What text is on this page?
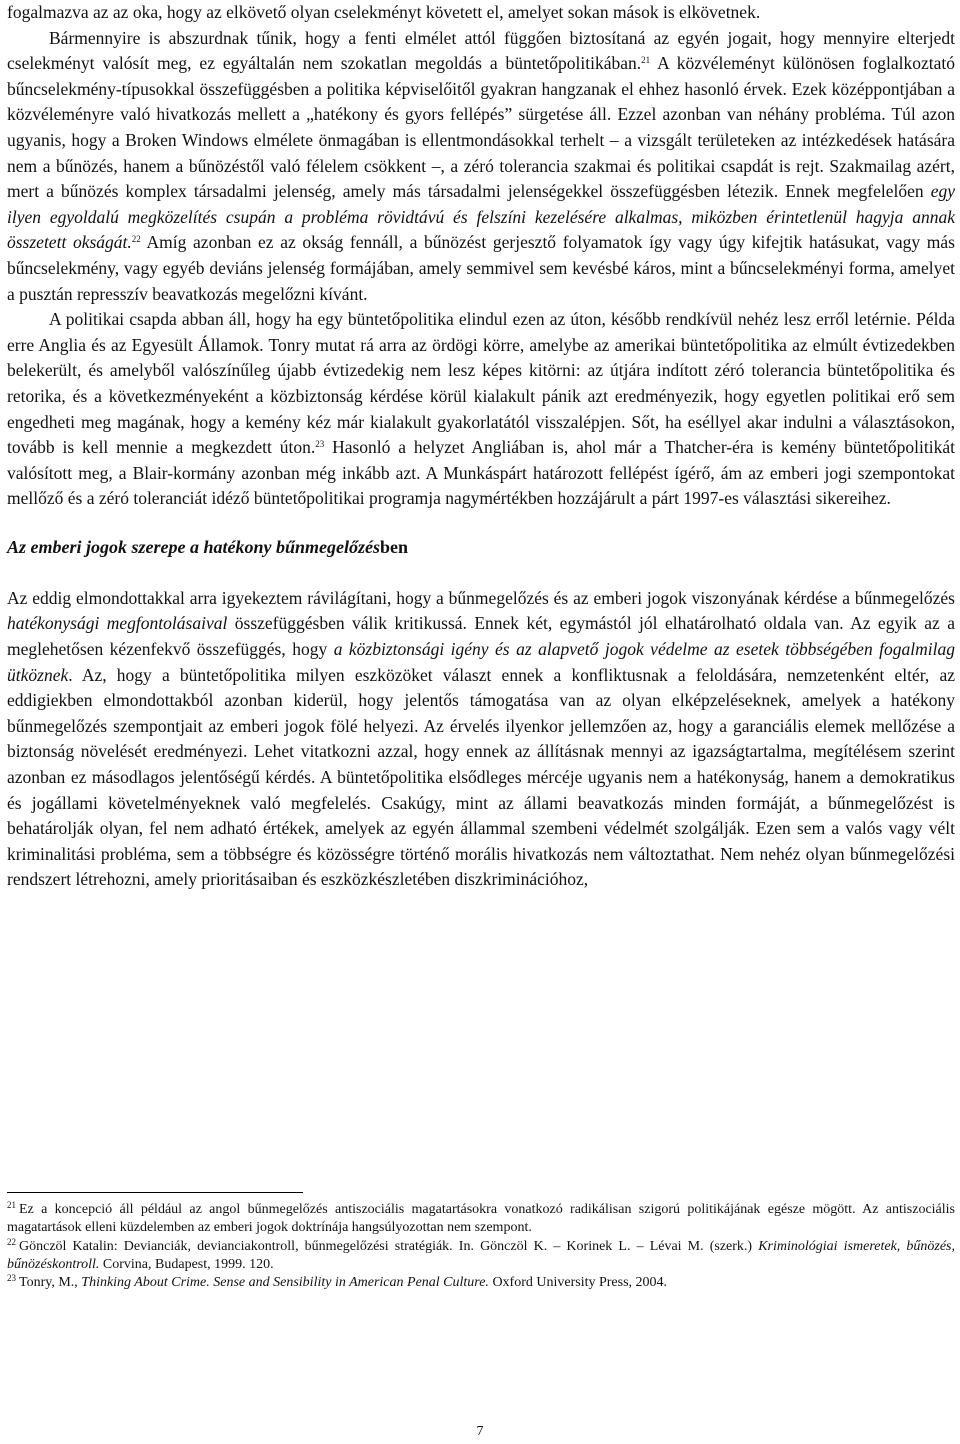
fogalmazva az az oka, hogy az elkövető olyan cselekményt követett el, amelyet sokan mások is elkövetnek.

Bármennyire is abszurdnak tűnik, hogy a fenti elmélet attól függően biztosítaná az egyén jogait, hogy mennyire elterjedt cselekményt valósít meg, ez egyáltalán nem szokatlan megoldás a büntetőpolitikában.$^{21}$ A közvéleményt különösen foglalkoztató bűncselekmény-típusokkal összefüggésben a politika képviselőitől gyakran hangzanak el ehhez hasonló érvek. Ezek középpontjában a közvéleményre való hivatkozás mellett a „hatékony és gyors fellépés” sürgetése áll. Ezzel azonban van néhány probléma. Túl azon ugyanis, hogy a Broken Windows elmélete önmagában is ellentmondásokkal terhelt – a vizsgált területeken az intézkedések hatására nem a bűnözés, hanem a bűnözéstől való félelem csökkent –, a zéró tolerancia szakmai és politikai csapdát is rejt. Szakmailag azért, mert a bűnözés komplex társadalmi jelenség, amely más társadalmi jelenségekkel összefüggésben létezik. Ennek megfelelően egy ilyen egyoldalú megközelítés csupán a probléma rövidtávú és felszíni kezelésére alkalmas, miközben érintetlenül hagyja annak összetett okságát.$^{22}$ Amíg azonban ez az okság fennáll, a bűnözést gerjesztő folyamatok így vagy úgy kifejtik hatásukat, vagy más bűncselekmény, vagy egyéb deviáns jelenség formájában, amely semmivel sem kevésbé káros, mint a bűncselekményi forma, amelyet a pusztán represszív beavatkozás megelőzni kívánt.

A politikai csapda abban áll, hogy ha egy büntetőpolitika elindul ezen az úton, később rendkívül nehéz lesz erről letérnie. Példa erre Anglia és az Egyesült Államok. Tonry mutat rá arra az ördögi körre, amelybe az amerikai büntetőpolitika az elmúlt évtizedekben belekerült, és amelyből valószínűleg újabb évtizedekig nem lesz képes kitörni: az útjára indított zéró tolerancia büntetőpolitika és retorika, és a következményeként a közbiztonság kérdése körül kialakult pánik azt eredményezik, hogy egyetlen politikai erő sem engedheti meg magának, hogy a kemény kéz már kialakult gyakorlatától visszalépjen. Sőt, ha eséllyel akar indulni a választásokon, tovább is kell mennie a megkezdett úton.$^{23}$ Hasonló a helyzet Angliában is, ahol már a Thatcher-éra is kemény büntetőpolitikát valósított meg, a Blair-kormány azonban még inkább azt. A Munkáspárt határozott fellépést ígérő, ám az emberi jogi szempontokat mellőző és a zéró toleranciát idéző büntetőpolitikai programja nagymértékben hozzájárult a párt 1997-es választási sikereihez.

Az emberi jogok szerepe a hatékony bűnmegelőzésben

Az eddig elmondottakkal arra igyekeztem rávilágítani, hogy a bűnmegelőzés és az emberi jogok viszonyának kérdése a bűnmegelőzés hatékonysági megfontolásaival összefüggésben válik kritikussá. Ennek két, egymástól jól elhatárolható oldala van. Az egyik az a meglehetősen kézenfekvő összefüggés, hogy a közbiztonsági igény és az alapvető jogok védelme az esetek többségében fogalmilag ütköznek. Az, hogy a büntetőpolitika milyen eszközöket választ ennek a konfliktusnak a feloldására, nemzetenként eltér, az eddigiekben elmondottakból azonban kiderül, hogy jelentős támogatása van az olyan elképzeléseknek, amelyek a hatékony bűnmegelőzés szempontjait az emberi jogok fölé helyezi. Az érvelés ilyenkor jellemzően az, hogy a garanciális elemek mellőzése a biztonság növelését eredményezi. Lehet vitatkozni azzal, hogy ennek az állításnak mennyi az igazságtartalma, megítélésem szerint azonban ez másodlagos jelentőségű kérdés. A büntetőpolitika elsődleges mércéje ugyanis nem a hatékonyság, hanem a demokratikus és jogállami követelményeknek való megfelelés. Csakúgy, mint az állami beavatkozás minden formáját, a bűnmegelőzést is behatárolják olyan, fel nem adható értékek, amelyek az egyén állammal szembeni védelmét szolgálják. Ezen sem a valós vagy vélt kriminalitási probléma, sem a többségre és közösségre történő morális hivatkozás nem változtathat. Nem nehéz olyan bűnmegelőzési rendszert létrehozni, amely prioritásaiban és eszközkészletében diszkriminációhoz,

$^{21}$ Ez a koncepció áll például az angol bűnmegelőzés antiszociális magatartásokra vonatkozó radikálisan szigorú politikájának egésze mögött. Az antiszociális magatartások elleni küzdelemben az emberi jogok doktrínája hangsúlyozottan nem szempont.

$^{22}$ Gönczöl Katalin: Devianciák, devianciakontroll, bűnmegelőzési stratégiák. In. Gönczöl K. – Korinek L. – Lévai M. (szerk.) Kriminológiai ismeretek, bűnözés, bűnözéskontroll. Corvina, Budapest, 1999. 120.

$^{23}$ Tonry, M., Thinking About Crime. Sense and Sensibility in American Penal Culture. Oxford University Press, 2004.

7
